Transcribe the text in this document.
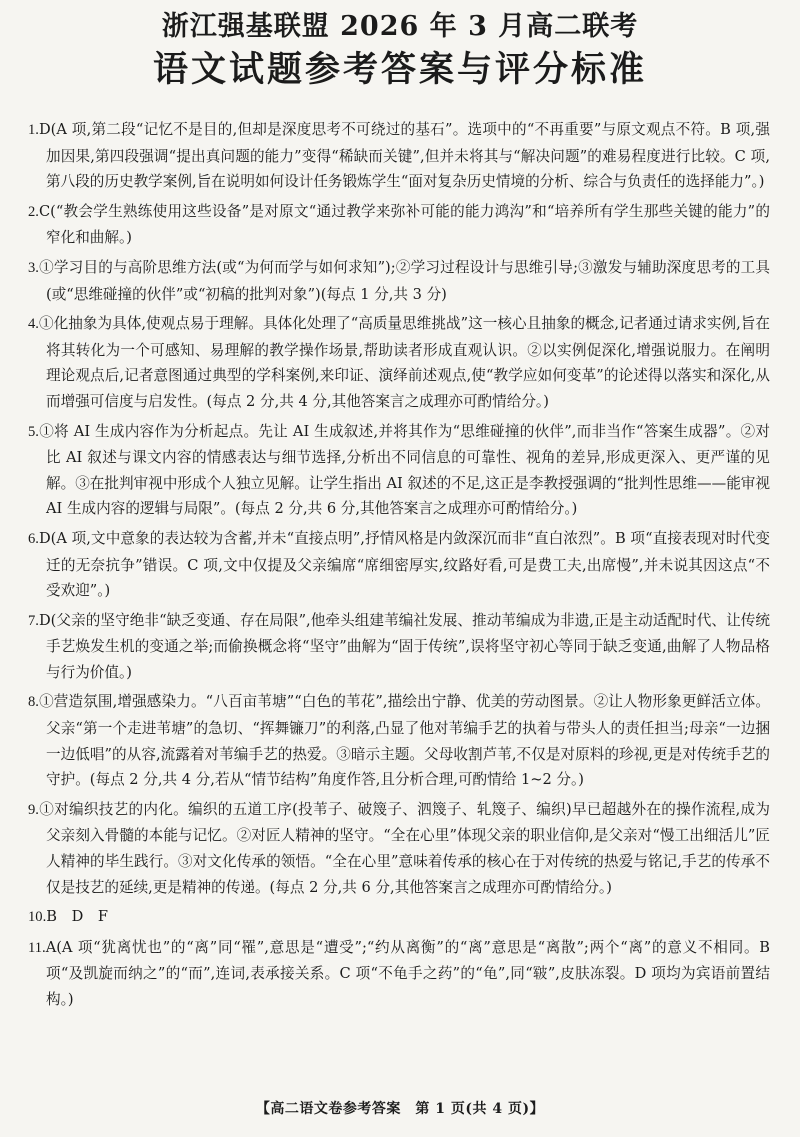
浙江强基联盟 2026 年 3 月高二联考
语文试题参考答案与评分标准

1.D(A 项,第二段“记忆不是目的,但却是深度思考不可绕过的基石”。选项中的“不再重要”与原文观点不符。B 项,强加因果,第四段强调“提出真问题的能力”变得“稀缺而关键”,但并未将其与“解决问题”的难易程度进行比较。C 项,第八段的历史教学案例,旨在说明如何设计任务锻炼学生“面对复杂历史情境的分析、综合与负责任的选择能力”。)

2.C(“教会学生熟练使用这些设备”是对原文“通过教学来弥补可能的能力鸿沟”和“培养所有学生那些关键的能力”的窄化和曲解。)

3.①学习目的与高阶思维方法(或“为何而学与如何求知”);②学习过程设计与思维引导;③激发与辅助深度思考的工具(或“思维碰撞的伙伴”或“初稿的批判对象”)(每点 1 分,共 3 分)

4.①化抽象为具体,使观点易于理解。具体化处理了“高质量思维挑战”这一核心且抽象的概念,记者通过请求实例,旨在将其转化为一个可感知、易理解的教学操作场景,帮助读者形成直观认识。②以实例促深化,增强说服力。在阐明理论观点后,记者意图通过典型的学科案例,来印证、演绎前述观点,使“教学应如何变革”的论述得以落实和深化,从而增强可信度与启发性。(每点 2 分,共 4 分,其他答案言之成理亦可酌情给分。)

5.①将 AI 生成内容作为分析起点。先让 AI 生成叙述,并将其作为“思维碰撞的伙伴”,而非当作“答案生成器”。②对比 AI 叙述与课文内容的情感表达与细节选择,分析出不同信息的可靠性、视角的差异,形成更深入、更严谨的见解。③在批判审视中形成个人独立见解。让学生指出 AI 叙述的不足,这正是李教授强调的“批判性思维——能审视 AI 生成内容的逻辑与局限”。(每点 2 分,共 6 分,其他答案言之成理亦可酌情给分。)

6.D(A 项,文中意象的表达较为含蓄,并未“直接点明”,抒情风格是内敛深沉而非“直白浓烈”。B 项“直接表现对时代变迁的无奈抗争”错误。C 项,文中仅提及父亲编席“席细密厚实,纹路好看,可是费工夫,出席慢”,并未说其因这点“不受欢迎”。)

7.D(父亲的坚守绝非“缺乏变通、存在局限”,他牵头组建苇编社发展、推动苇编成为非遗,正是主动适配时代、让传统手艺焕发生机的变通之举;而偷换概念将“坚守”曲解为“固于传统”,误将坚守初心等同于缺乏变通,曲解了人物品格与行为价值。)

8.①营造氛围,增强感染力。“八百亩苇塘”“白色的苇花”,描绘出宁静、优美的劳动图景。②让人物形象更鲜活立体。父亲“第一个走进苇塘”的急切、“挥舞镰刀”的利落,凸显了他对苇编手艺的执着与带头人的责任担当;母亲“一边捆一边低唱”的从容,流露着对苇编手艺的热爱。③暗示主题。父母收割芦苇,不仅是对原料的珍视,更是对传统手艺的守护。(每点 2 分,共 4 分,若从“情节结构”角度作答,且分析合理,可酌情给 1~2 分。)

9.①对编织技艺的内化。编织的五道工序(投苇子、破篾子、泗篾子、轧篾子、编织)早已超越外在的操作流程,成为父亲刻入骨髓的本能与记忆。②对匠人精神的坚守。“全在心里”体现父亲的职业信仰,是父亲对“慢工出细活儿”匠人精神的毕生践行。③对文化传承的领悟。“全在心里”意味着传承的核心在于对传统的热爱与铭记,手艺的传承不仅是技艺的延续,更是精神的传递。(每点 2 分,共 6 分,其他答案言之成理亦可酌情给分。)

10.B　D　F

11.A(A 项“犹离忧也”的“离”同“罹”,意思是“遭受”;“约从离衡”的“离”意思是“离散”;两个“离”的意义不相同。B 项“及凯旋而纳之”的“而”,连词,表承接关系。C 项“不龟手之药”的“龟”,同“皲”,皮肤冻裂。D 项均为宾语前置结构。)

【高二语文卷参考答案　第 1 页(共 4 页)】
